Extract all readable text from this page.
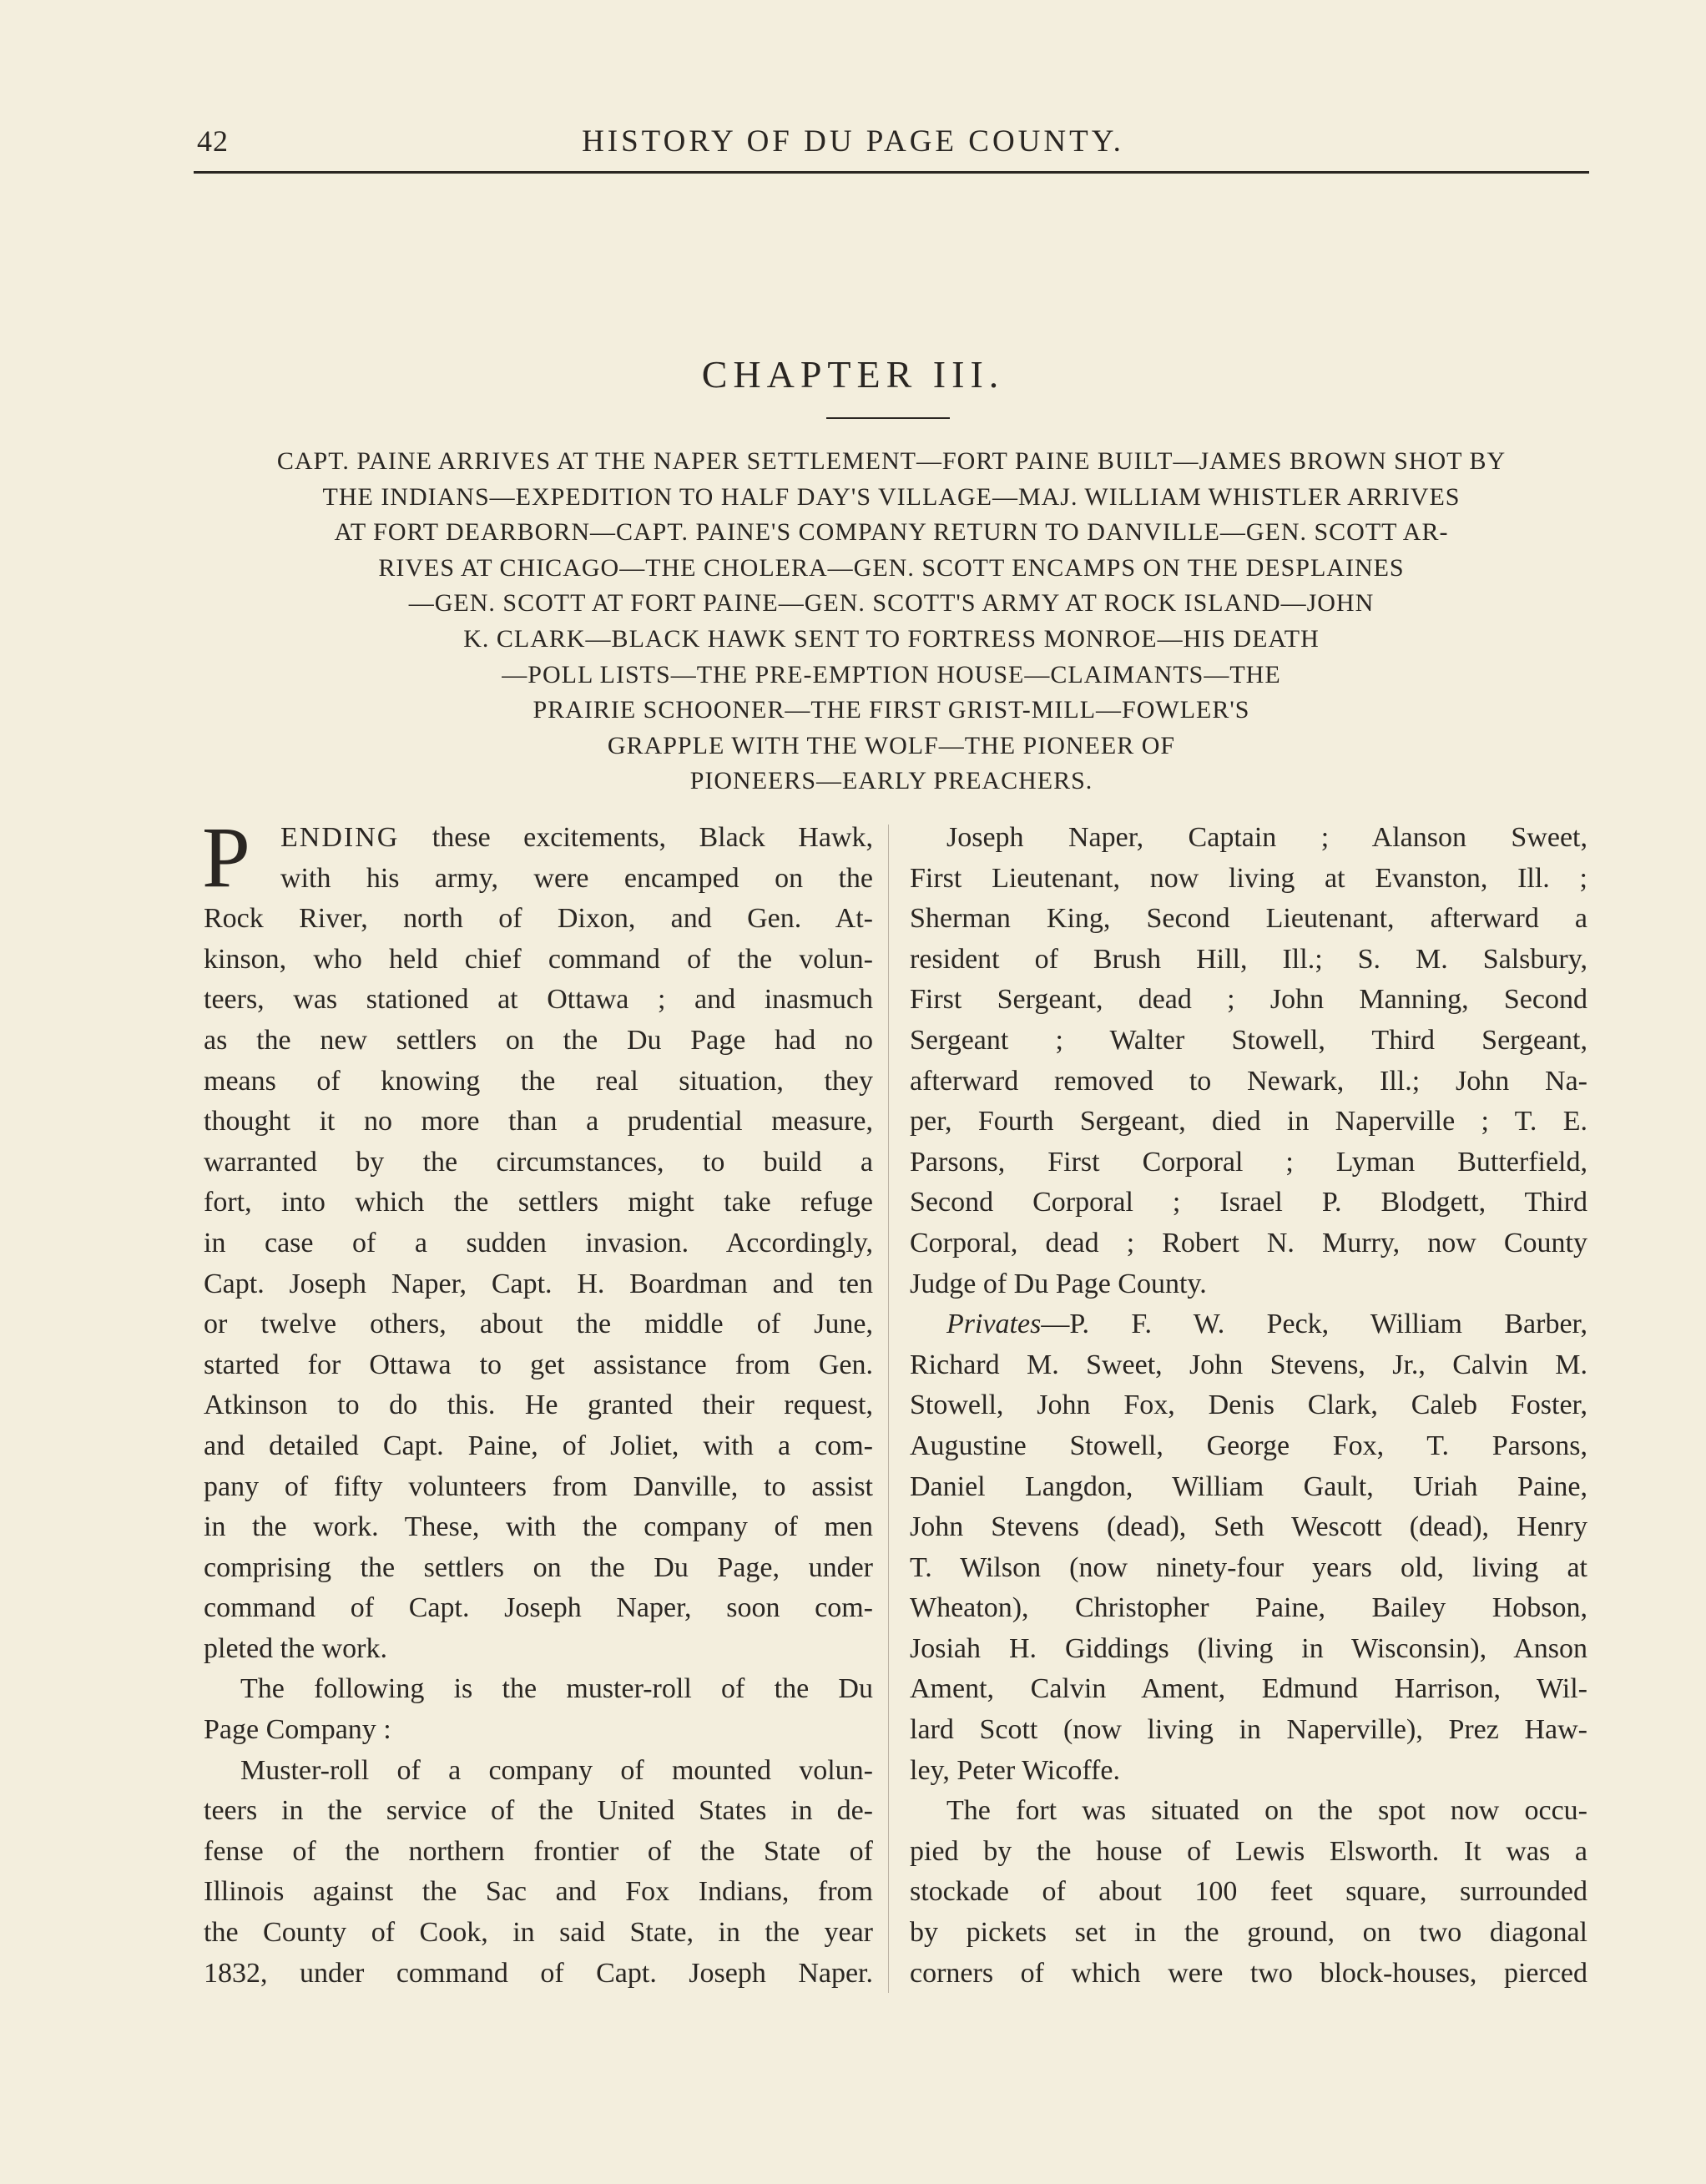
42	HISTORY OF DU PAGE COUNTY.
CHAPTER III.
CAPT. PAINE ARRIVES AT THE NAPER SETTLEMENT—FORT PAINE BUILT—JAMES BROWN SHOT BY
THE INDIANS—EXPEDITION TO HALF DAY'S VILLAGE—MAJ. WILLIAM WHISTLER ARRIVES
AT FORT DEARBORN—CAPT. PAINE'S COMPANY RETURN TO DANVILLE—GEN. SCOTT AR-
RIVES AT CHICAGO—THE CHOLERA—GEN. SCOTT ENCAMPS ON THE DESPLAINES
—GEN. SCOTT AT FORT PAINE—GEN. SCOTT'S ARMY AT ROCK ISLAND—JOHN
K. CLARK—BLACK HAWK SENT TO FORTRESS MONROE—HIS DEATH
—POLL LISTS—THE PRE-EMPTION HOUSE—CLAIMANTS—THE
PRAIRIE SCHOONER—THE FIRST GRIST-MILL—FOWLER'S
GRAPPLE WITH THE WOLF—THE PIONEER OF
PIONEERS—EARLY PREACHERS.
P	ENDING these excitements, Black Hawk,
with his army, were encamped on the
Rock River, north of Dixon, and Gen. At-
kinson, who held chief command of the volun-
teers, was stationed at Ottawa ; and inasmuch
as the new settlers on the Du Page had no
means of knowing the real situation, they
thought it no more than a prudential measure,
warranted by the circumstances, to build a
fort, into which the settlers might take refuge
in case of a sudden invasion. Accordingly,
Capt. Joseph Naper, Capt. H. Boardman and ten
or twelve others, about the middle of June,
started for Ottawa to get assistance from Gen.
Atkinson to do this. He granted their request,
and detailed Capt. Paine, of Joliet, with a com-
pany of fifty volunteers from Danville, to assist
in the work. These, with the company of men
comprising the settlers on the Du Page, under
command of Capt. Joseph Naper, soon com-
pleted the work.
The following is the muster-roll of the Du
Page Company :
Muster-roll of a company of mounted volun-
teers in the service of the United States in de-
fense of the northern frontier of the State of
Illinois against the Sac and Fox Indians, from
the County of Cook, in said State, in the year
1832, under command of Capt. Joseph Naper.
Joseph Naper, Captain ; Alanson Sweet,
First Lieutenant, now living at Evanston, Ill. ;
Sherman King, Second Lieutenant, afterward a
resident of Brush Hill, Ill.; S. M. Salsbury,
First Sergeant, dead ; John Manning, Second
Sergeant ; Walter Stowell, Third Sergeant,
afterward removed to Newark, Ill.; John Na-
per, Fourth Sergeant, died in Naperville ; T. E.
Parsons, First Corporal ; Lyman Butterfield,
Second Corporal ; Israel P. Blodgett, Third
Corporal, dead ; Robert N. Murry, now County
Judge of Du Page County.
Privates—P. F. W. Peck, William Barber,
Richard M. Sweet, John Stevens, Jr., Calvin M.
Stowell, John Fox, Denis Clark, Caleb Foster,
Augustine Stowell, George Fox, T. Parsons,
Daniel Langdon, William Gault, Uriah Paine,
John Stevens (dead), Seth Wescott (dead), Henry
T. Wilson (now ninety-four years old, living at
Wheaton), Christopher Paine, Bailey Hobson,
Josiah H. Giddings (living in Wisconsin), Anson
Ament, Calvin Ament, Edmund Harrison, Wil-
lard Scott (now living in Naperville), Prez Haw-
ley, Peter Wicoffe.
The fort was situated on the spot now occu-
pied by the house of Lewis Elsworth. It was a
stockade of about 100 feet square, surrounded
by pickets set in the ground, on two diagonal
corners of which were two block-houses, pierced
